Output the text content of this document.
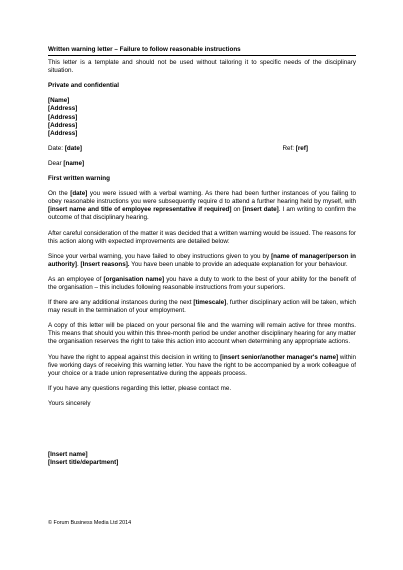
Written warning letter – Failure to follow reasonable instructions

This letter is a template and should not be used without tailoring it to specific needs of the disciplinary situation.

Private and confidential

[Name]
[Address]
[Address]
[Address]
[Address]
Date: [date]	Ref: [ref]

Dear [name]

First written warning

On the [date] you were issued with a verbal warning. As there had been further instances of you failing to obey reasonable instructions you were subsequently require d to attend a further hearing held by myself, with [insert name and title of employee representative if required] on [insert date]. I am writing to confirm the outcome of that disciplinary hearing.

After careful consideration of the matter it was decided that a written warning would be issued. The reasons for this action along with expected improvements are detailed below:

Since your verbal warning, you have failed to obey instructions given to you by [name of manager/person in authority]. [Insert reasons]. You have been unable to provide an adequate explanation for your behaviour.

As an employee of [organisation name] you have a duty to work to the best of your ability for the benefit of the organisation – this includes following reasonable instructions from your superiors.

If there are any additional instances during the next [timescale], further disciplinary action will be taken, which may result in the termination of your employment.

A copy of this letter will be placed on your personal file and the warning will remain active for three months. This means that should you within this three-month period be under another disciplinary hearing for any matter the organisation reserves the right to take this action into account when determining any appropriate actions.

You have the right to appeal against this decision in writing to [insert senior/another manager's name] within five working days of receiving this warning letter. You have the right to be accompanied by a work colleague of your choice or a trade union representative during the appeals process.

If you have any questions regarding this letter, please contact me.

Yours sincerely

[Insert name]
[Insert title/department]
© Forum Business Media Ltd 2014
